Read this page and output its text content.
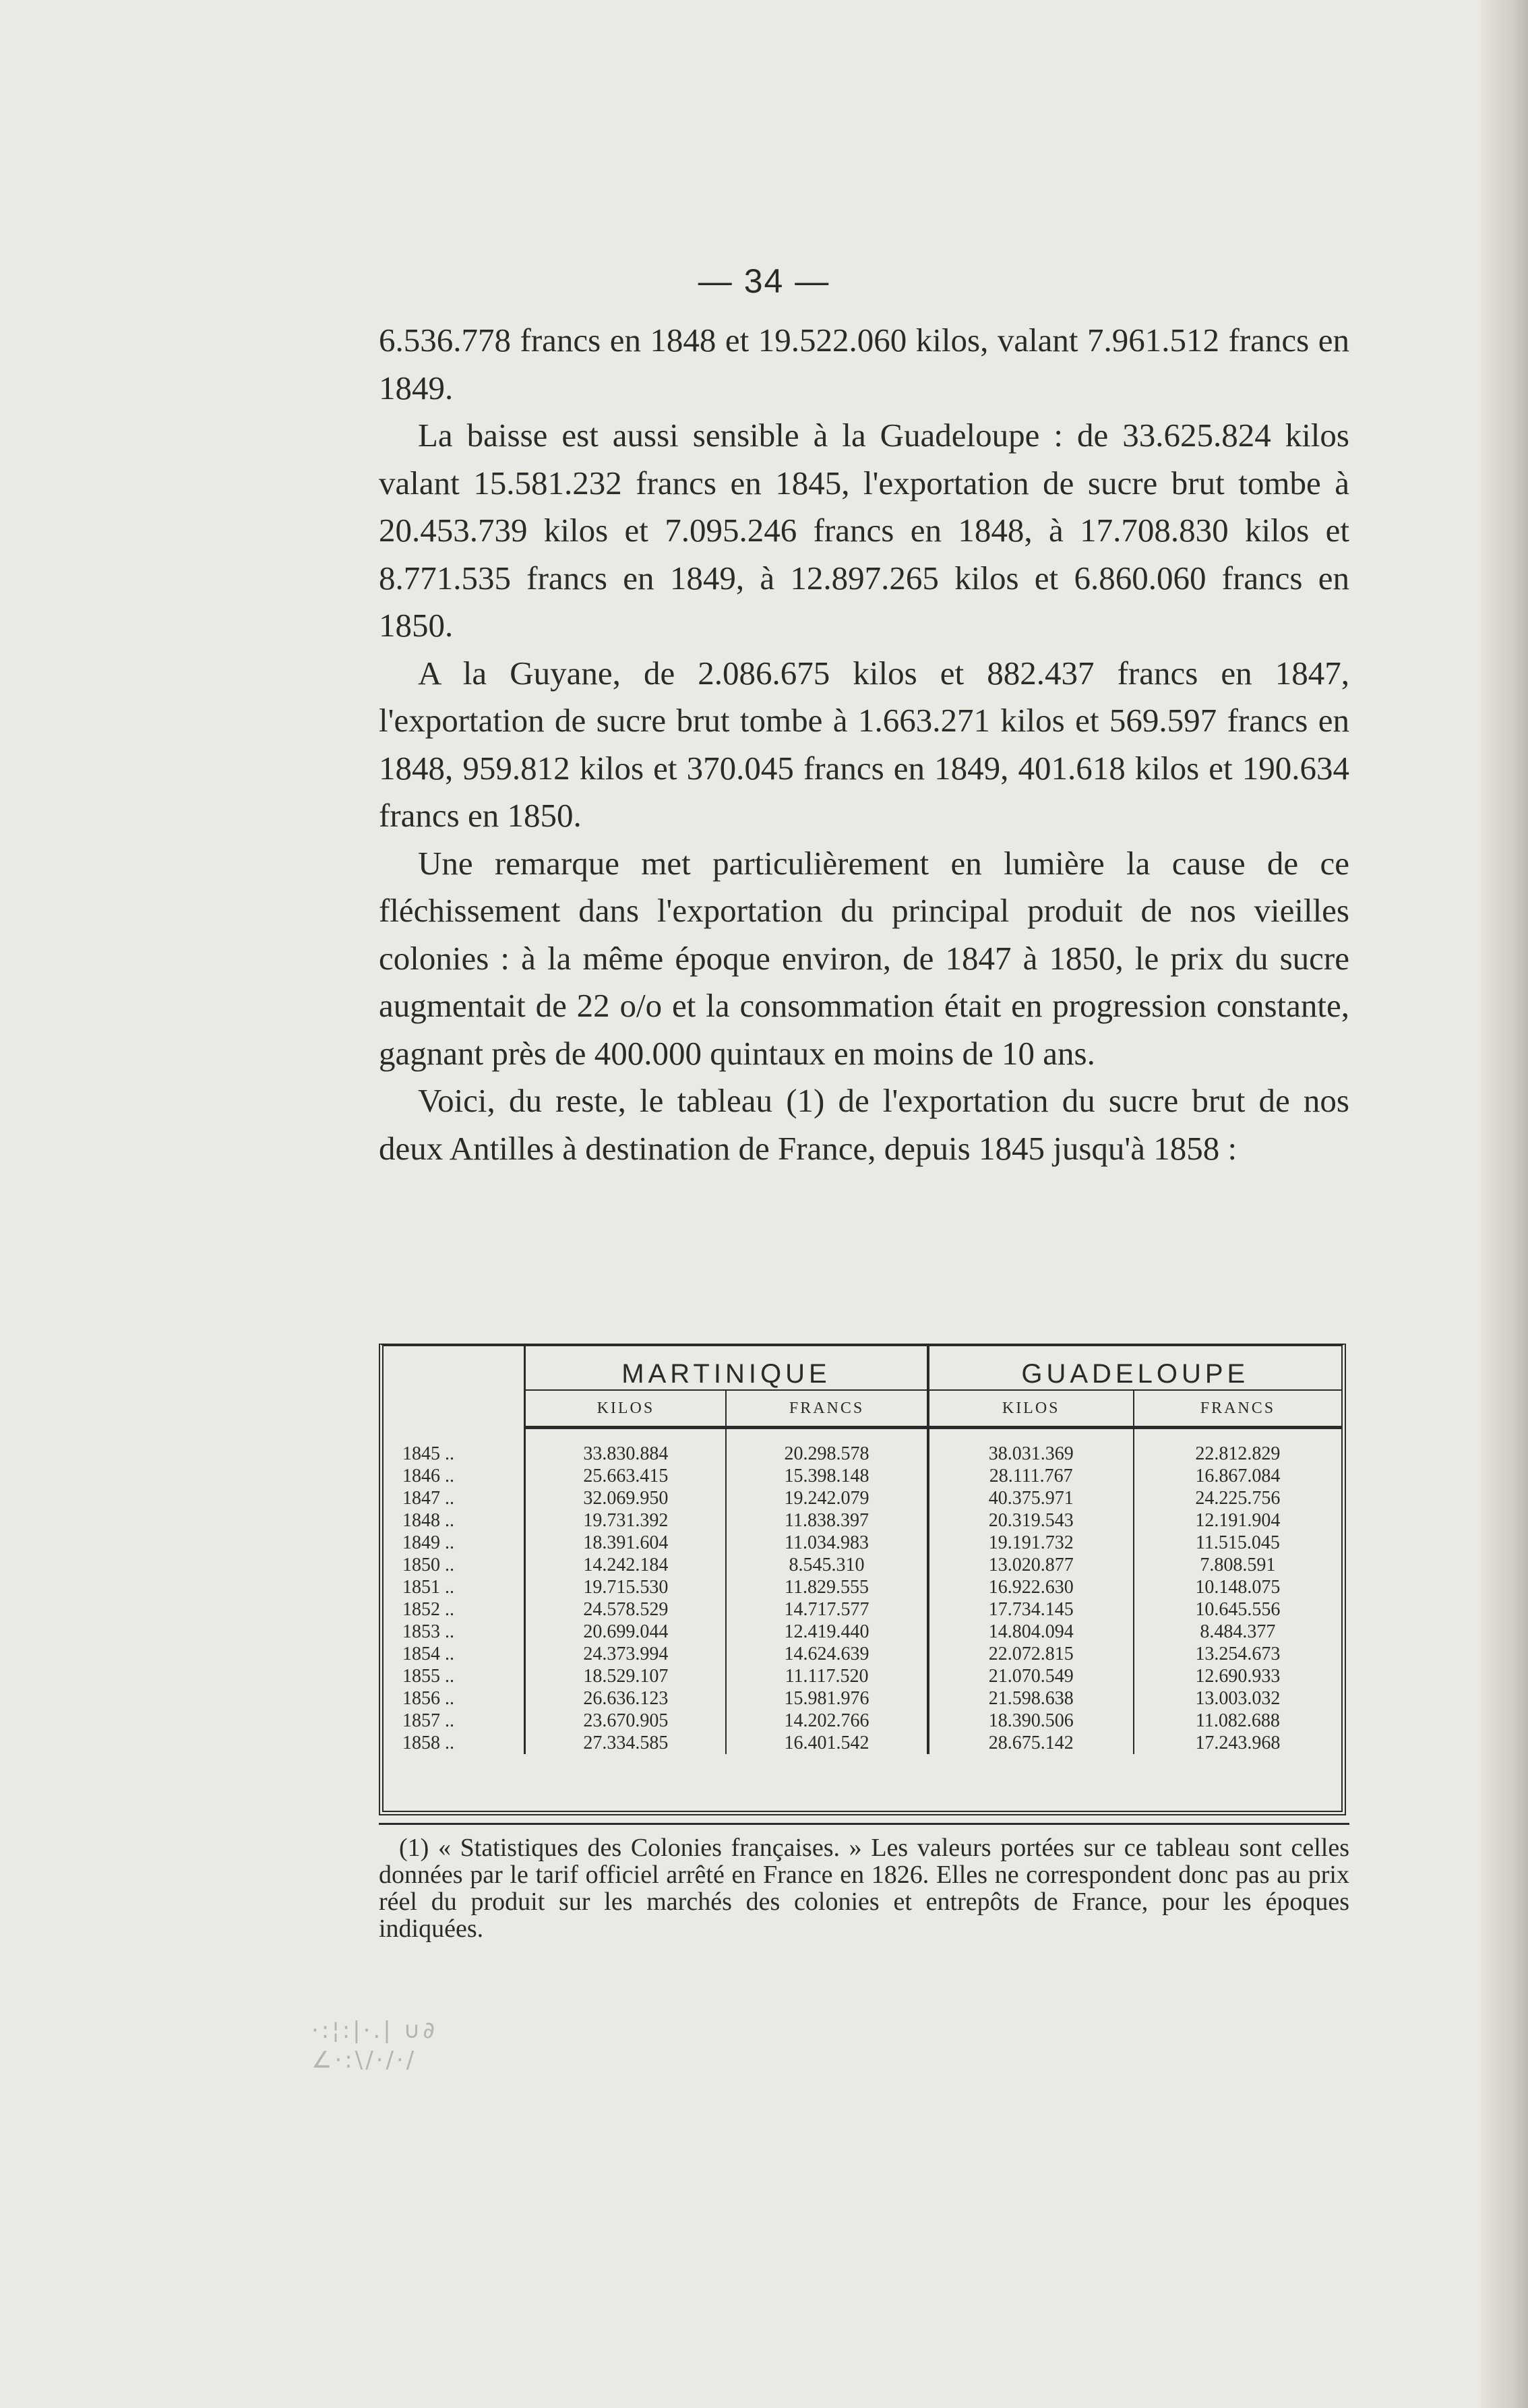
— 34 —

6.536.778 francs en 1848 et 19.522.060 kilos, valant 7.961.512 francs en 1849.

La baisse est aussi sensible à la Guadeloupe : de 33.625.824 kilos valant 15.581.232 francs en 1845, l'exportation de sucre brut tombe à 20.453.739 kilos et 7.095.246 francs en 1848, à 17.708.830 kilos et 8.771.535 francs en 1849, à 12.897.265 kilos et 6.860.060 francs en 1850.

A la Guyane, de 2.086.675 kilos et 882.437 francs en 1847, l'exportation de sucre brut tombe à 1.663.271 kilos et 569.597 francs en 1848, 959.812 kilos et 370.045 francs en 1849, 401.618 kilos et 190.634 francs en 1850.

Une remarque met particulièrement en lumière la cause de ce fléchissement dans l'exportation du principal produit de nos vieilles colonies : à la même époque environ, de 1847 à 1850, le prix du sucre augmentait de 22 o/o et la consommation était en progression constante, gagnant près de 400.000 quintaux en moins de 10 ans.

Voici, du reste, le tableau (1) de l'exportation du sucre brut de nos deux Antilles à destination de France, depuis 1845 jusqu'à 1858 :

	MARTINIQUE		GUADELOUPE	
	KILOS	FRANCS	KILOS	FRANCS

1845 ..	33.830.884	20.298.578	38.031.369	22.812.829
1846 ..	25.663.415	15.398.148	28.111.767	16.867.084
1847 ..	32.069.950	19.242.079	40.375.971	24.225.756
1848 ..	19.731.392	11.838.397	20.319.543	12.191.904
1849 ..	18.391.604	11.034.983	19.191.732	11.515.045
1850 ..	14.242.184	8.545.310	13.020.877	7.808.591
1851 ..	19.715.530	11.829.555	16.922.630	10.148.075
1852 ..	24.578.529	14.717.577	17.734.145	10.645.556
1853 ..	20.699.044	12.419.440	14.804.094	8.484.377
1854 ..	24.373.994	14.624.639	22.072.815	13.254.673
1855 ..	18.529.107	11.117.520	21.070.549	12.690.933
1856 ..	26.636.123	15.981.976	21.598.638	13.003.032
1857 ..	23.670.905	14.202.766	18.390.506	11.082.688
1858 ..	27.334.585	16.401.542	28.675.142	17.243.968

(1) « Statistiques des Colonies françaises. » Les valeurs portées sur ce tableau sont celles données par le tarif officiel arrêté en France en 1826. Elles ne correspondent donc pas au prix réel du produit sur les marchés des colonies et entrepôts de France, pour les époques indiquées.

·:¦:|·.| ∪∂
∠·:\/·/·/
